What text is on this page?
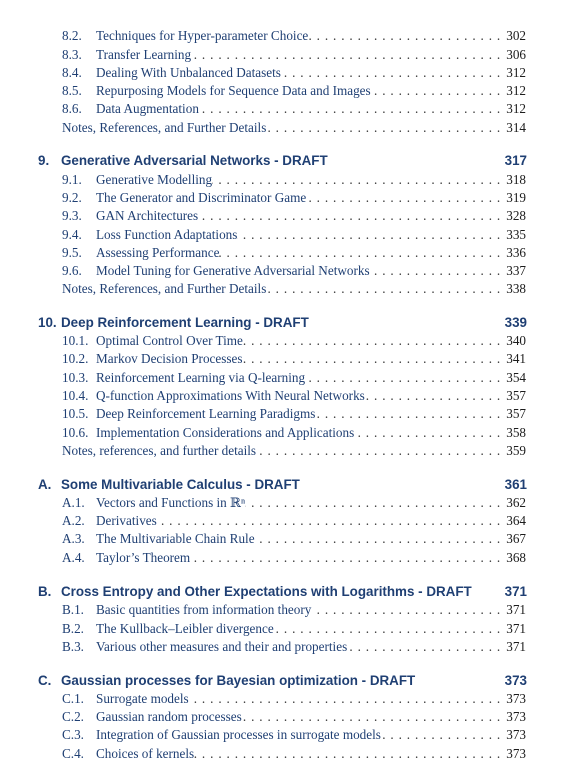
8.2.	Techniques for Hyper-parameter Choice . . .	302
8.3.	Transfer Learning . . .	306
8.4.	Dealing With Unbalanced Datasets . . .	312
8.5.	Repurposing Models for Sequence Data and Images . . .	312
8.6.	Data Augmentation . . .	312
Notes, References, and Further Details . . .	314
9. Generative Adversarial Networks - DRAFT	317
9.1.	Generative Modelling . . .	318
9.2.	The Generator and Discriminator Game . . .	319
9.3.	GAN Architectures . . .	328
9.4.	Loss Function Adaptations . . .	335
9.5.	Assessing Performance . . .	336
9.6.	Model Tuning for Generative Adversarial Networks . . .	337
Notes, References, and Further Details . . .	338
10. Deep Reinforcement Learning - DRAFT	339
10.1. Optimal Control Over Time . . .	340
10.2. Markov Decision Processes . . .	341
10.3. Reinforcement Learning via Q-learning . . .	354
10.4. Q-function Approximations With Neural Networks . . .	357
10.5. Deep Reinforcement Learning Paradigms . . .	357
10.6. Implementation Considerations and Applications . . .	358
Notes, references, and further details . . .	359
A. Some Multivariable Calculus - DRAFT	361
A.1. Vectors and Functions in ℝⁿ . . .	362
A.2. Derivatives . . .	364
A.3. The Multivariable Chain Rule . . .	367
A.4. Taylor’s Theorem . . .	368
B. Cross Entropy and Other Expectations with Logarithms - DRAFT	371
B.1. Basic quantities from information theory . . .	371
B.2. The Kullback–Leibler divergence . . .	371
B.3. Various other measures and their and properties . . .	371
C. Gaussian processes for Bayesian optimization - DRAFT	373
C.1. Surrogate models . . .	373
C.2. Gaussian random processes . . .	373
C.3. Integration of Gaussian processes in surrogate models . . .	373
C.4. Choices of kernels . . .	373
